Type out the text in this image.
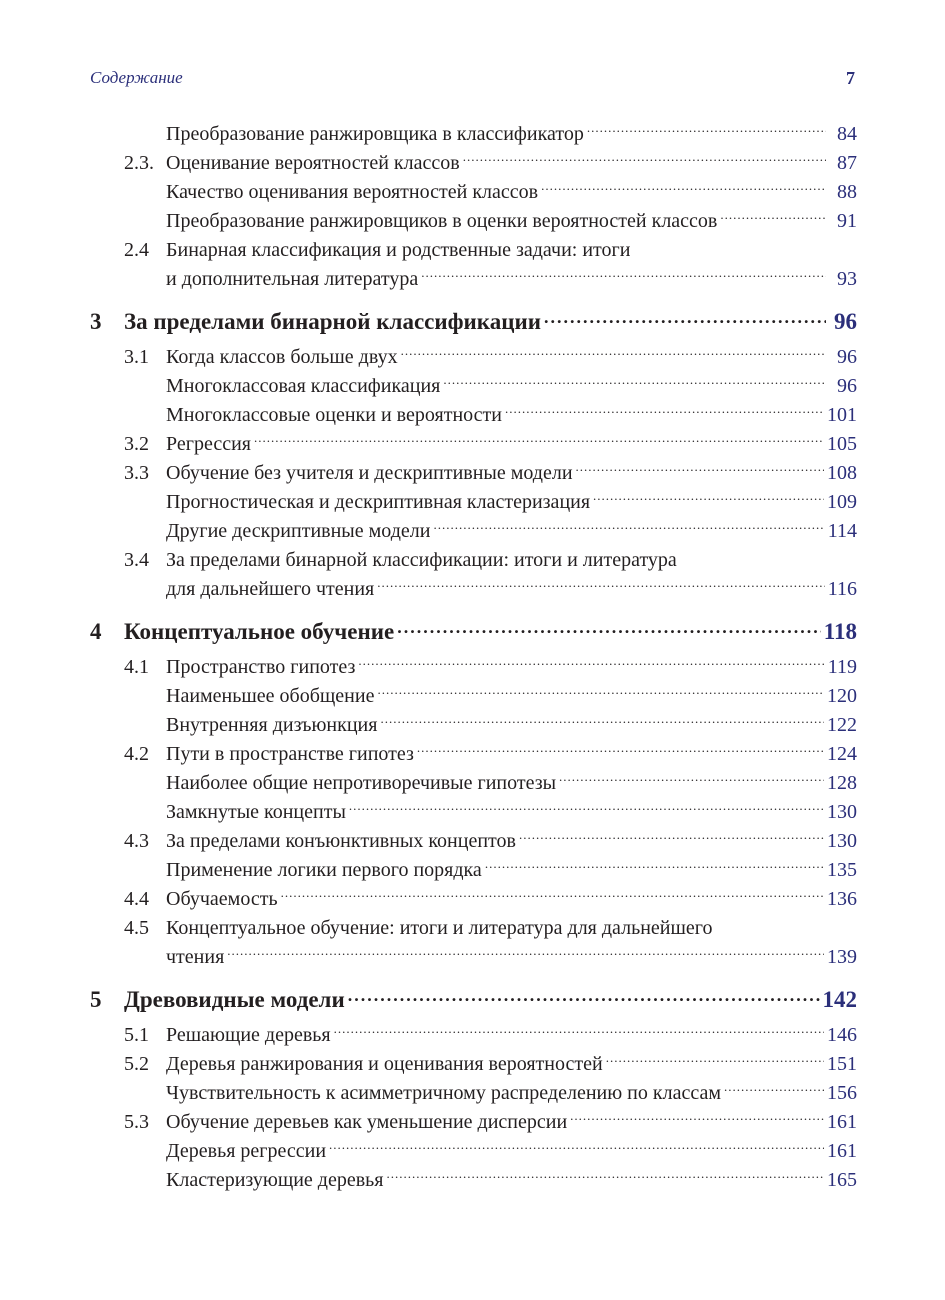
Содержание	7
Преобразование ранжировщика в классификатор .....	84
2.3. Оценивание вероятностей классов .....	87
Качество оценивания вероятностей классов .....	88
Преобразование ранжировщиков в оценки вероятностей классов .....	91
2.4 Бинарная классификация и родственные задачи: итоги
и дополнительная литература .....	93
3 За пределами бинарной классификации .....	96
3.1 Когда классов больше двух .....	96
Многоклассовая классификация .....	96
Многоклассовые оценки и вероятности .....	101
3.2 Регрессия .....	105
3.3 Обучение без учителя и дескриптивные модели .....	108
Прогностическая и дескриптивная кластеризация .....	109
Другие дескриптивные модели .....	114
3.4 За пределами бинарной классификации: итоги и литература
для дальнейшего чтения .....	116
4 Концептуальное обучение .....	118
4.1 Пространство гипотез .....	119
Наименьшее обобщение .....	120
Внутренняя дизъюнкция .....	122
4.2 Пути в пространстве гипотез .....	124
Наиболее общие непротиворечивые гипотезы .....	128
Замкнутые концепты .....	130
4.3 За пределами конъюнктивных концептов .....	130
Применение логики первого порядка .....	135
4.4 Обучаемость .....	136
4.5 Концептуальное обучение: итоги и литература для дальнейшего
чтения .....	139
5 Древовидные модели .....	142
5.1 Решающие деревья .....	146
5.2 Деревья ранжирования и оценивания вероятностей .....	151
Чувствительность к асимметричному распределению по классам .....	156
5.3 Обучение деревьев как уменьшение дисперсии .....	161
Деревья регрессии .....	161
Кластеризующие деревья .....	165
